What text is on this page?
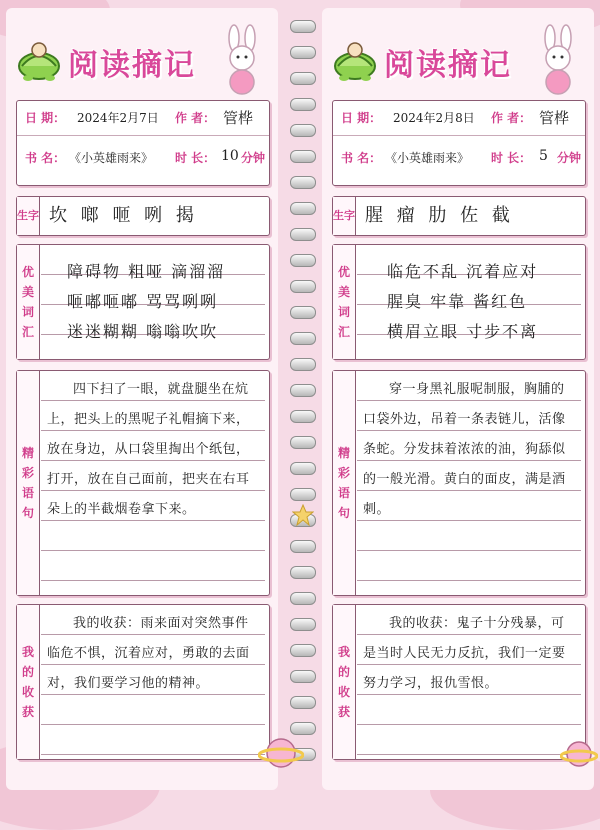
阅读摘记
日 期： 2024年2月7日 作 者： 管桦
书 名： 《小英雄雨来》 时 长： 10 分钟
生字 坎 啷 咂 咧 揭
优
美
词
汇
障碍物 粗哑 滴溜溜
咂嘟咂嘟 骂骂咧咧
迷迷糊糊 嗡嗡吹吹
精
彩
语
句
四下扫了一眼，就盘腿坐在炕上，把头上的黑呢子礼帽摘下来，放在身边，从口袋里掏出个纸包，打开，放在自己面前，把夹在右耳朵上的半截烟卷拿下来。
我
的
收
获
我的收获：雨来面对突然事件临危不惧，沉着应对，勇敢的去面对，我们要学习他的精神。
阅读摘记
日 期： 2024年2月8日 作 者： 管桦
书 名： 《小英雄雨来》 时 长： 5 分钟
生字 腥 瘤 肋 佐 截
优
美
词
汇
临危不乱 沉着应对
腥臭 牢靠 酱红色
横眉立眼 寸步不离
精
彩
语
句
穿一身黑礼服呢制服，胸脯的口袋外边，吊着一条表链儿，活像条蛇。分发抹着浓浓的油，狗舔似的一般光滑。黄白的面皮，满是酒刺。
我
的
收
获
我的收获：鬼子十分残暴，可是当时人民无力反抗，我们一定要努力学习，报仇雪恨。
